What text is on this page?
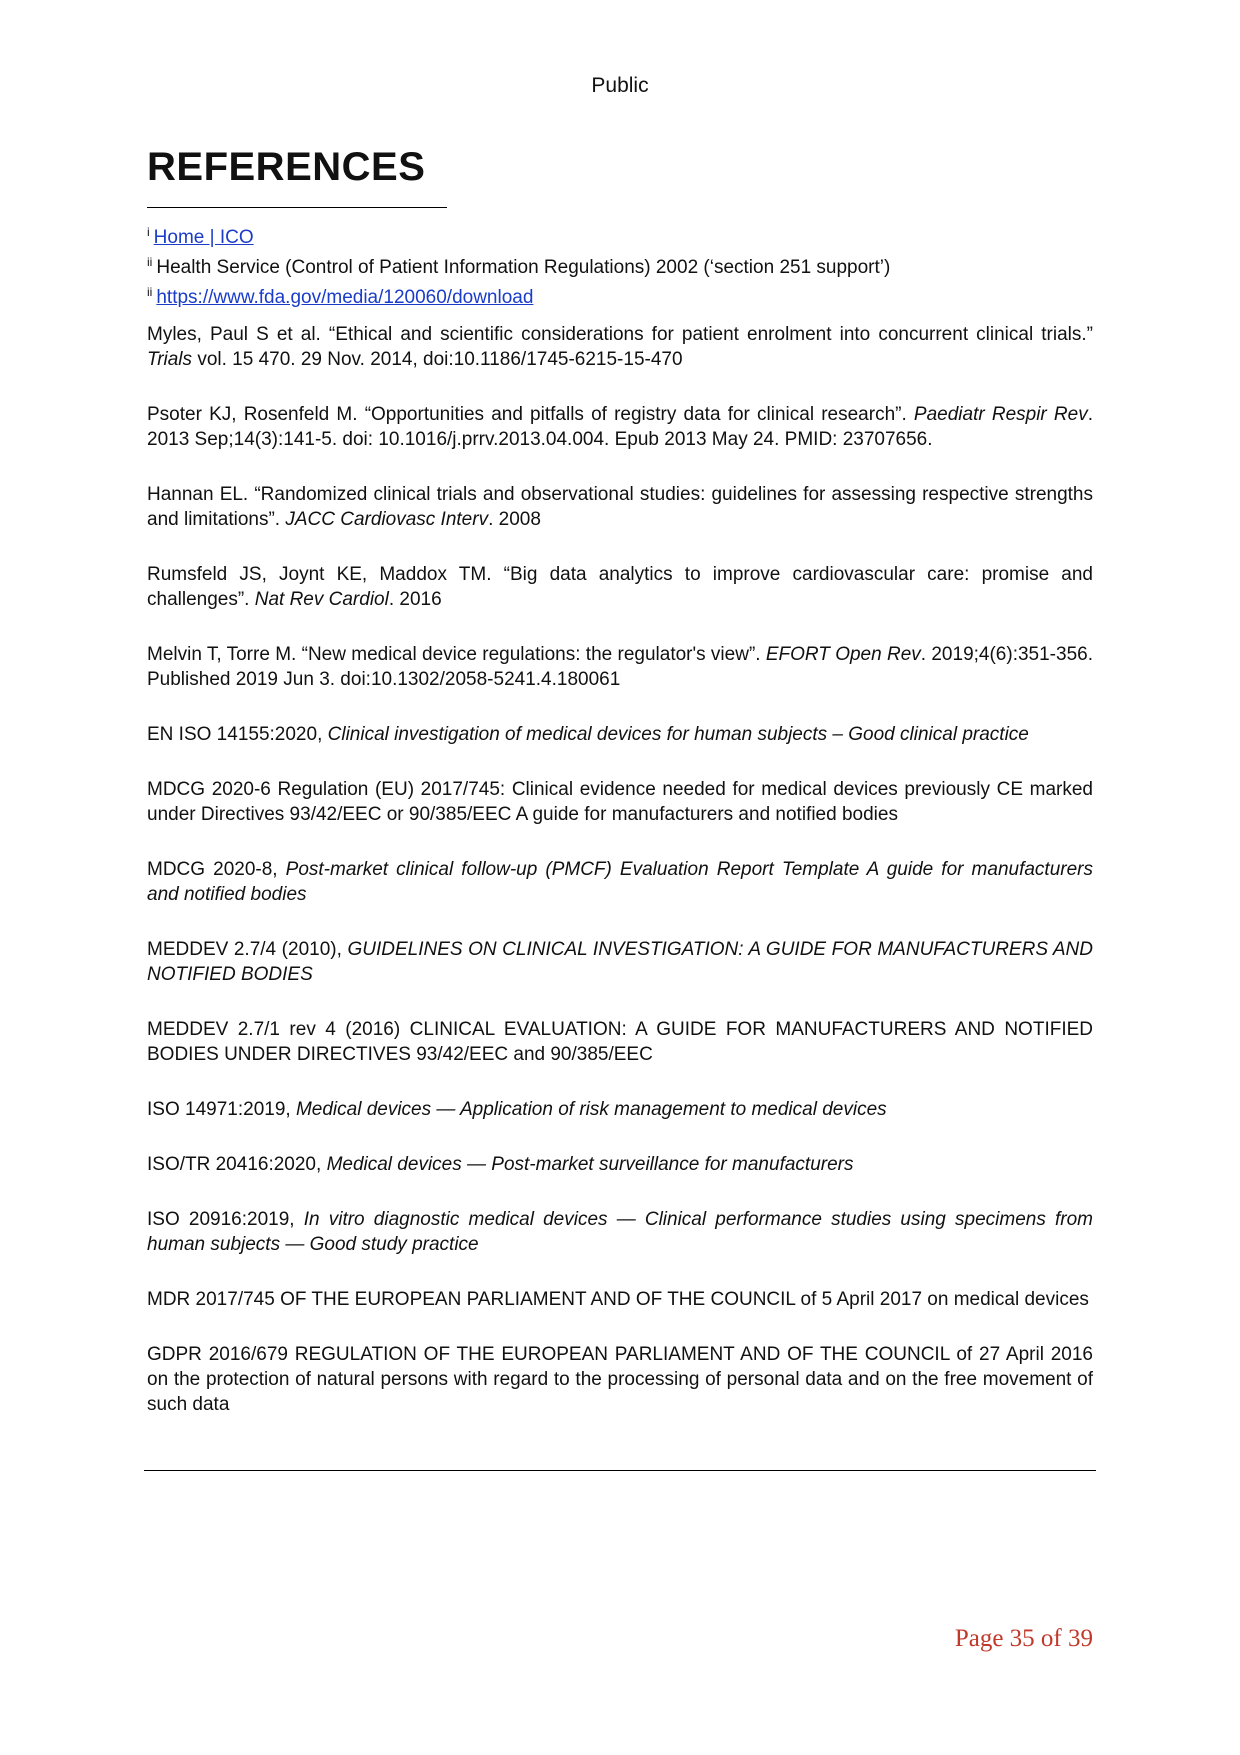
Public
REFERENCES
$^i$ Home | ICO
$^{ii}$ Health Service (Control of Patient Information Regulations) 2002 (‘section 251 support’)
$^{ii}$ https://www.fda.gov/media/120060/download

Myles, Paul S et al. “Ethical and scientific considerations for patient enrolment into concurrent clinical trials.” Trials vol. 15 470. 29 Nov. 2014, doi:10.1186/1745-6215-15-470

Psoter KJ, Rosenfeld M. “Opportunities and pitfalls of registry data for clinical research”. Paediatr Respir Rev. 2013 Sep;14(3):141-5. doi: 10.1016/j.prrv.2013.04.004. Epub 2013 May 24. PMID: 23707656.

Hannan EL. “Randomized clinical trials and observational studies: guidelines for assessing respective strengths and limitations”. JACC Cardiovasc Interv. 2008

Rumsfeld JS, Joynt KE, Maddox TM. “Big data analytics to improve cardiovascular care: promise and challenges”. Nat Rev Cardiol. 2016

Melvin T, Torre M. “New medical device regulations: the regulator's view”. EFORT Open Rev. 2019;4(6):351-356. Published 2019 Jun 3. doi:10.1302/2058-5241.4.180061

EN ISO 14155:2020, Clinical investigation of medical devices for human subjects – Good clinical practice

MDCG 2020-6 Regulation (EU) 2017/745: Clinical evidence needed for medical devices previously CE marked under Directives 93/42/EEC or 90/385/EEC A guide for manufacturers and notified bodies

MDCG 2020-8, Post-market clinical follow-up (PMCF) Evaluation Report Template A guide for manufacturers and notified bodies

MEDDEV 2.7/4 (2010), GUIDELINES ON CLINICAL INVESTIGATION: A GUIDE FOR MANUFACTURERS AND NOTIFIED BODIES

MEDDEV 2.7/1 rev 4 (2016) CLINICAL EVALUATION: A GUIDE FOR MANUFACTURERS AND NOTIFIED BODIES UNDER DIRECTIVES 93/42/EEC and 90/385/EEC

ISO 14971:2019, Medical devices — Application of risk management to medical devices

ISO/TR 20416:2020, Medical devices — Post-market surveillance for manufacturers

ISO 20916:2019, In vitro diagnostic medical devices — Clinical performance studies using specimens from human subjects — Good study practice

MDR 2017/745 OF THE EUROPEAN PARLIAMENT AND OF THE COUNCIL of 5 April 2017 on medical devices

GDPR 2016/679 REGULATION OF THE EUROPEAN PARLIAMENT AND OF THE COUNCIL of 27 April 2016 on the protection of natural persons with regard to the processing of personal data and on the free movement of such data

Page 35 of 39
